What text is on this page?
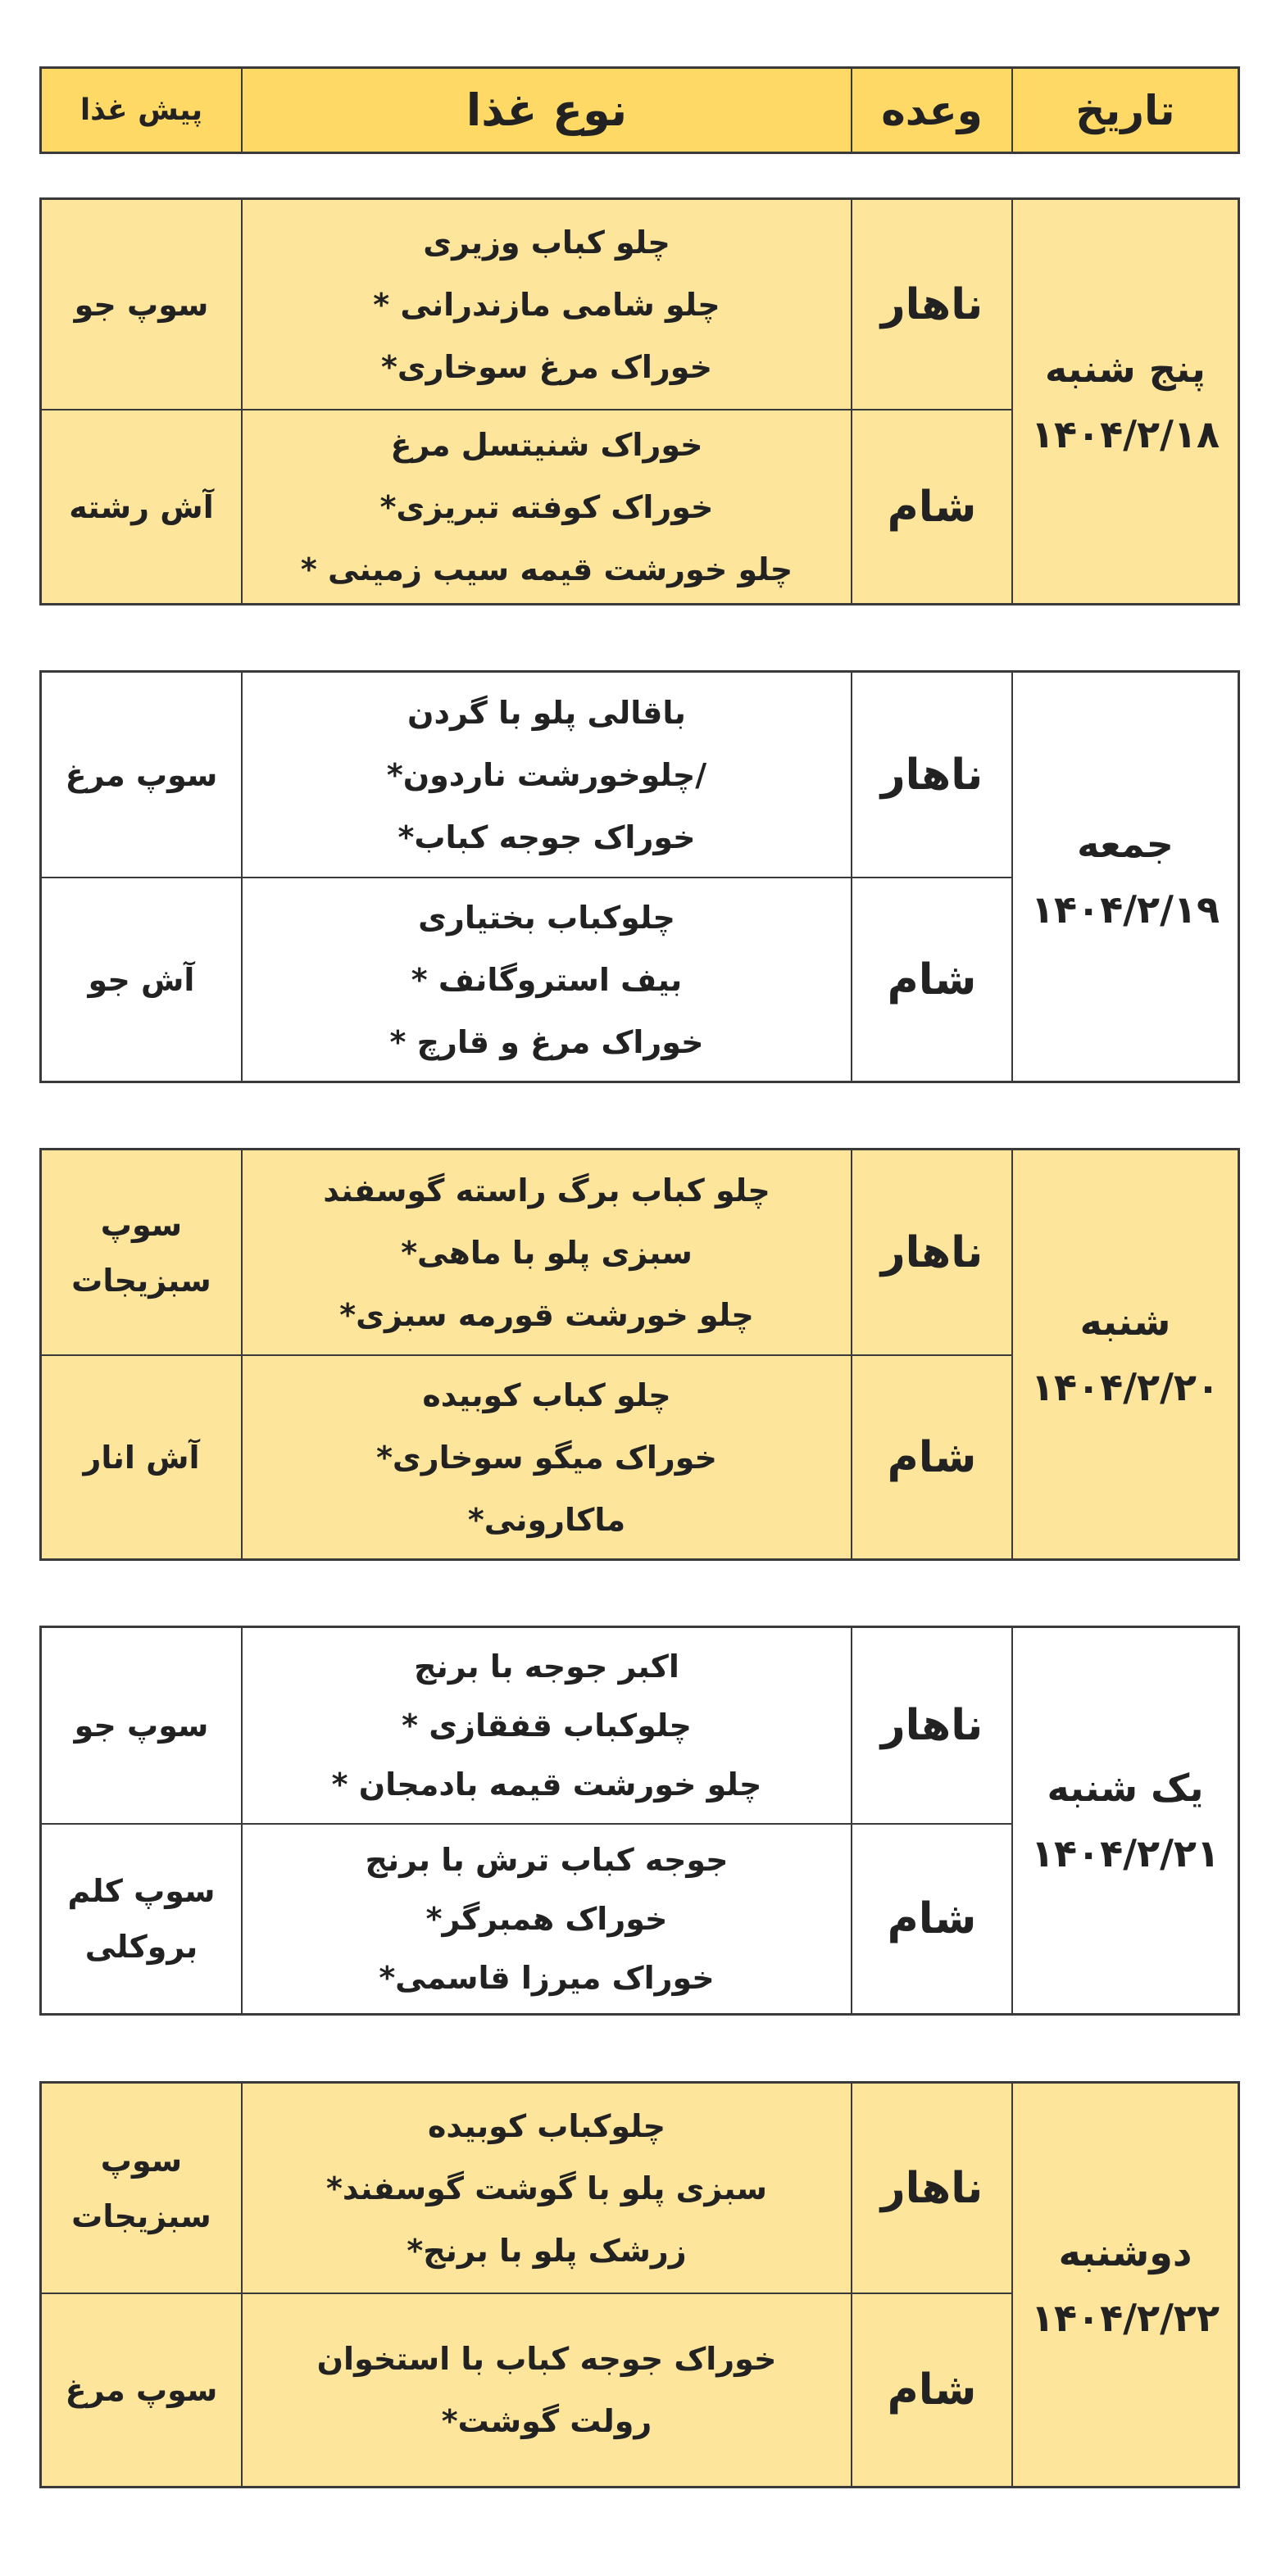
تاریخ
وعده
نوع غذا
پیش غذا
پنج شنبه
۱۴۰۴/۲/۱۸
ناهار
چلو کباب وزیری
چلو شامی مازندرانی *
خوراک مرغ سوخاری*
سوپ جو
شام
خوراک شنیتسل مرغ
خوراک کوفته تبریزی*
چلو خورشت قیمه سیب زمینی *
آش رشته
جمعه
۱۴۰۴/۲/۱۹
ناهار
باقالی پلو با گردن
/چلوخورشت ناردون*
خوراک جوجه کباب*
سوپ مرغ
شام
چلوکباب بختیاری
بیف استروگانف *
خوراک مرغ و قارچ *
آش جو
شنبه
۱۴۰۴/۲/۲۰
ناهار
چلو کباب برگ راسته گوسفند
سبزی پلو با ماهی*
چلو خورشت قورمه سبزی*
سوپ سبزیجات
شام
چلو کباب کوبیده
خوراک میگو سوخاری*
ماکارونی*
آش انار
یک شنبه
۱۴۰۴/۲/۲۱
ناهار
اکبر جوجه با برنج
چلوکباب قفقازی *
چلو خورشت قیمه بادمجان *
سوپ جو
شام
جوجه کباب ترش با برنج
خوراک همبرگر*
خوراک میرزا قاسمی*
سوپ کلم بروکلی
دوشنبه
۱۴۰۴/۲/۲۲
ناهار
چلوکباب کوبیده
سبزی پلو با گوشت گوسفند*
زرشک پلو با برنج*
سوپ سبزیجات
شام
خوراک جوجه کباب با استخوان
رولت گوشت*
سوپ مرغ
